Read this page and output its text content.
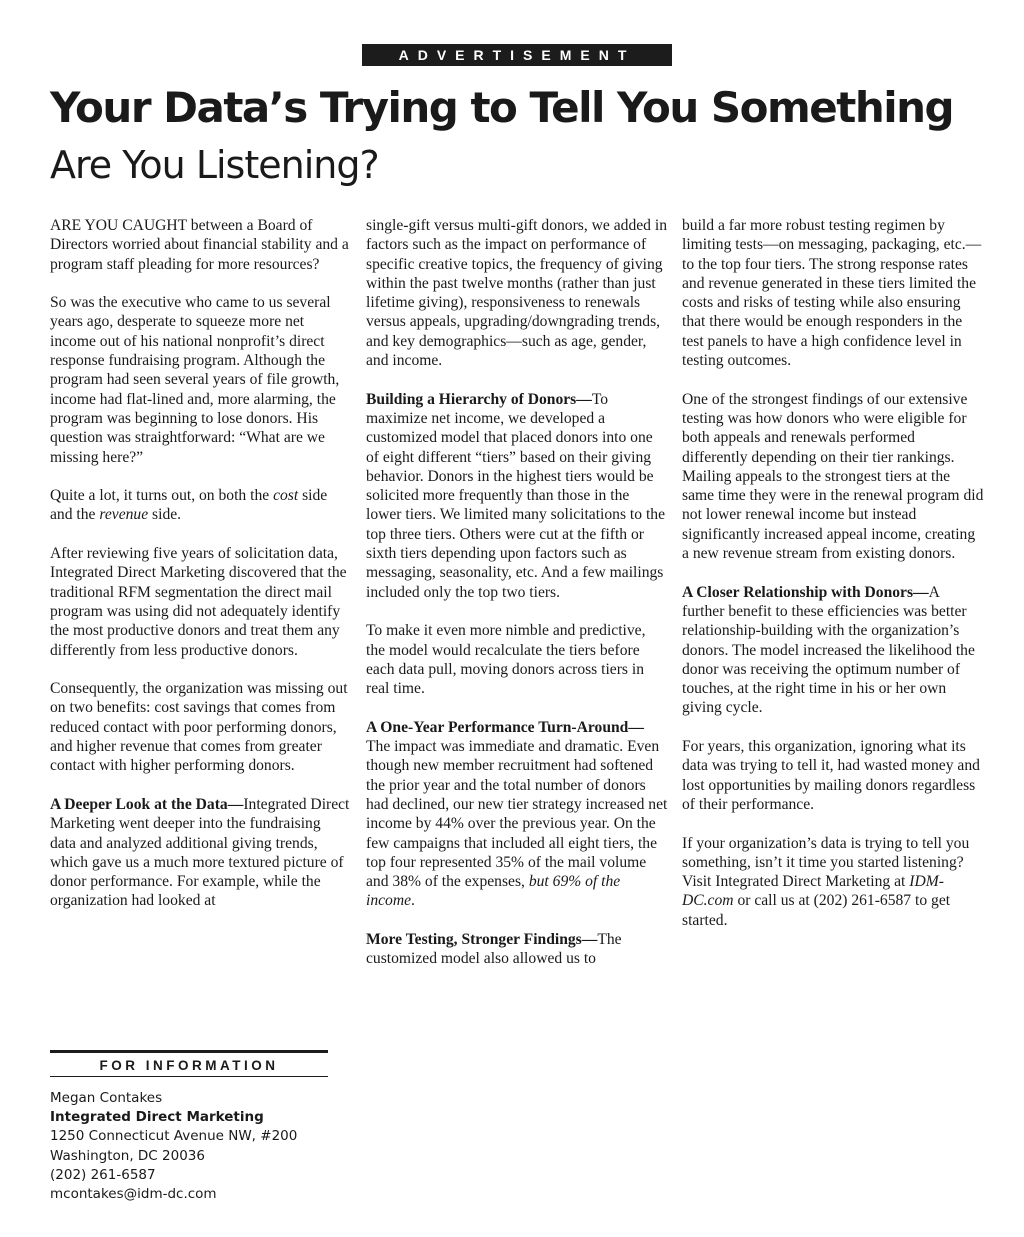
ADVERTISEMENT
Your Data’s Trying to Tell You Something
Are You Listening?

ARE YOU CAUGHT between a Board of Directors worried about financial stability and a program staff pleading for more resources?

So was the executive who came to us several years ago, desperate to squeeze more net income out of his national nonprofit’s direct response fundraising program. Although the program had seen several years of file growth, income had flat-lined and, more alarming, the program was beginning to lose donors. His question was straightforward: “What are we missing here?”

Quite a lot, it turns out, on both the cost side and the revenue side.

After reviewing five years of solicitation data, Integrated Direct Marketing discovered that the traditional RFM segmentation the direct mail program was using did not adequately identify the most productive donors and treat them any differently from less productive donors.

Consequently, the organization was missing out on two benefits: cost savings that comes from reduced contact with poor performing donors, and higher revenue that comes from greater contact with higher performing donors.

A Deeper Look at the Data—Integrated Direct Marketing went deeper into the fundraising data and analyzed additional giving trends, which gave us a much more textured picture of donor performance. For example, while the organization had looked at

single-gift versus multi-gift donors, we added in factors such as the impact on performance of specific creative topics, the frequency of giving within the past twelve months (rather than just lifetime giving), responsiveness to renewals versus appeals, upgrading/downgrading trends, and key demographics—such as age, gender, and income.

Building a Hierarchy of Donors—To maximize net income, we developed a customized model that placed donors into one of eight different “tiers” based on their giving behavior. Donors in the highest tiers would be solicited more frequently than those in the lower tiers. We limited many solicitations to the top three tiers. Others were cut at the fifth or sixth tiers depending upon factors such as messaging, seasonality, etc. And a few mailings included only the top two tiers.

To make it even more nimble and predictive, the model would recalculate the tiers before each data pull, moving donors across tiers in real time.

A One-Year Performance Turn-Around—The impact was immediate and dramatic. Even though new member recruitment had softened the prior year and the total number of donors had declined, our new tier strategy increased net income by 44% over the previous year. On the few campaigns that included all eight tiers, the top four represented 35% of the mail volume and 38% of the expenses, but 69% of the income.

More Testing, Stronger Findings—The customized model also allowed us to

build a far more robust testing regimen by limiting tests—on messaging, packaging, etc.—to the top four tiers. The strong response rates and revenue generated in these tiers limited the costs and risks of testing while also ensuring that there would be enough responders in the test panels to have a high confidence level in testing outcomes.

One of the strongest findings of our extensive testing was how donors who were eligible for both appeals and renewals performed differently depending on their tier rankings. Mailing appeals to the strongest tiers at the same time they were in the renewal program did not lower renewal income but instead significantly increased appeal income, creating a new revenue stream from existing donors.

A Closer Relationship with Donors—A further benefit to these efficiencies was better relationship-building with the organization’s donors. The model increased the likelihood the donor was receiving the optimum number of touches, at the right time in his or her own giving cycle.

For years, this organization, ignoring what its data was trying to tell it, had wasted money and lost opportunities by mailing donors regardless of their performance.

If your organization’s data is trying to tell you something, isn’t it time you started listening? Visit Integrated Direct Marketing at IDM-DC.com or call us at (202) 261-6587 to get started.

FOR INFORMATION
Megan Contakes
Integrated Direct Marketing
1250 Connecticut Avenue NW, #200
Washington, DC 20036
(202) 261-6587
mcontakes@idm-dc.com
